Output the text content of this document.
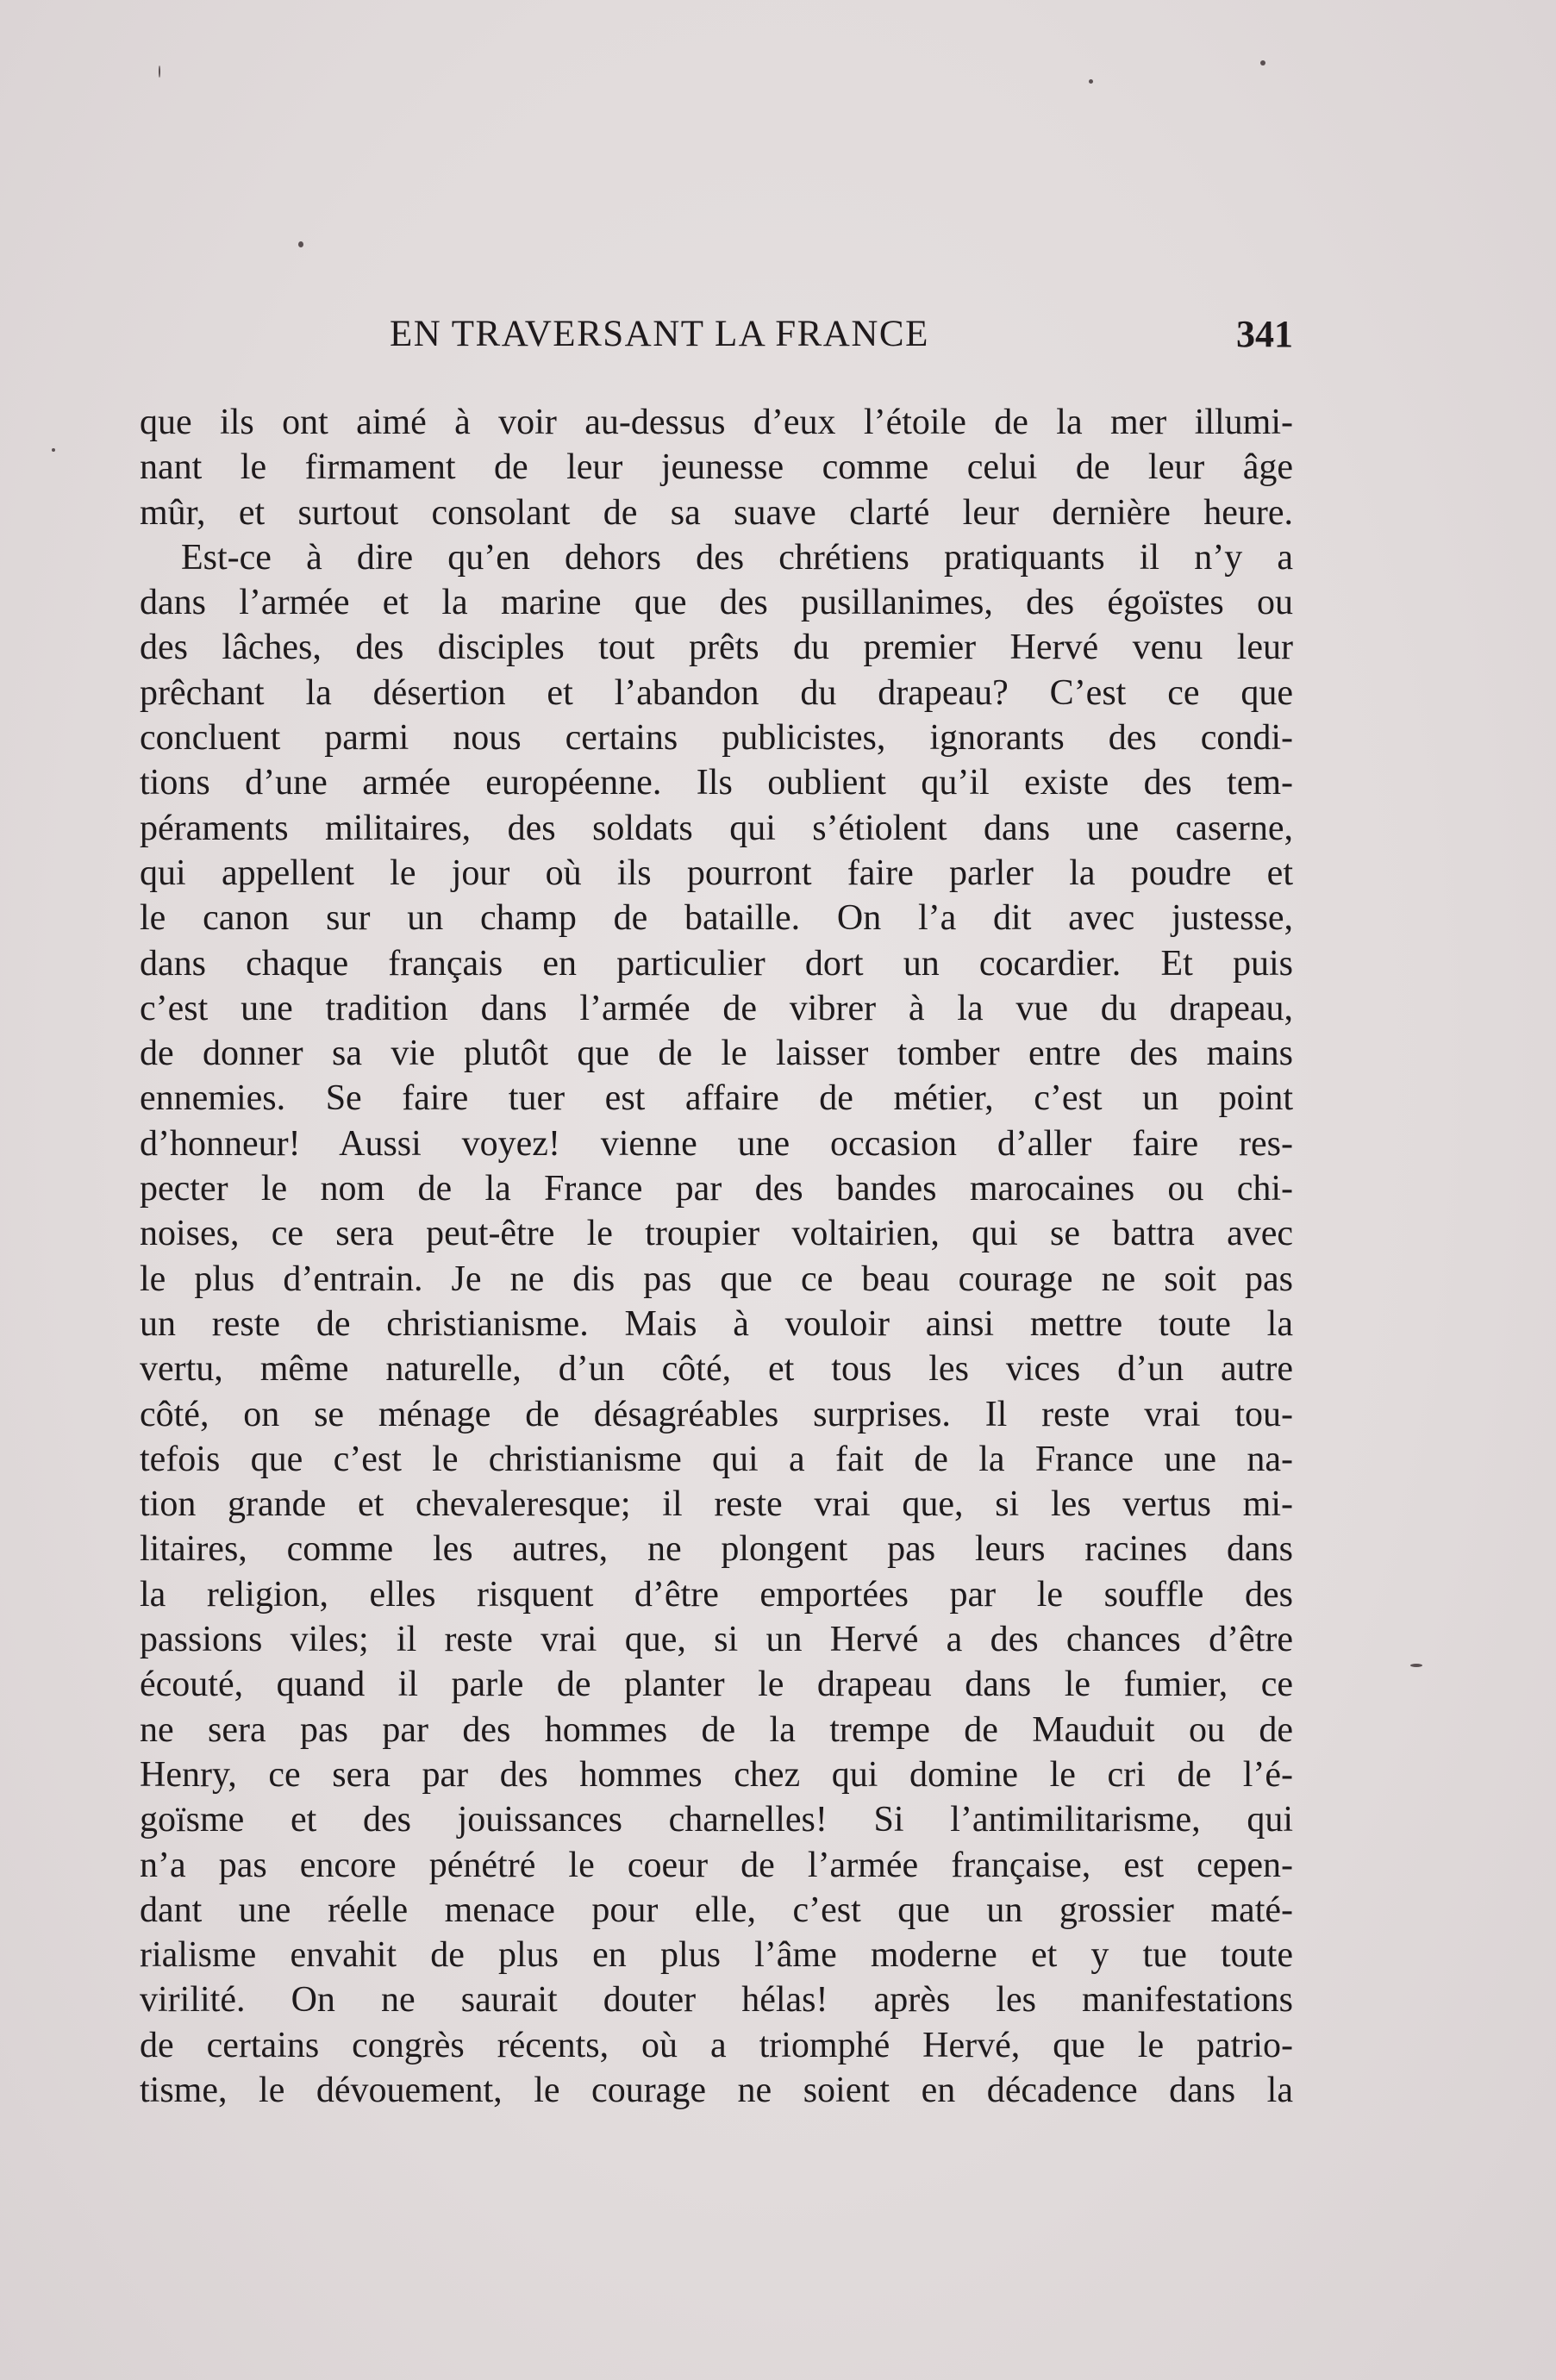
EN TRAVERSANT LA FRANCE	341
que ils ont aimé à voir au-dessus d’eux l’étoile de la mer illumi-
nant le firmament de leur jeunesse comme celui de leur âge
mûr, et surtout consolant de sa suave clarté leur dernière heure.
Est-ce à dire qu’en dehors des chrétiens pratiquants il n’y a
dans l’armée et la marine que des pusillanimes, des égoïstes ou
des lâches, des disciples tout prêts du premier Hervé venu leur
prêchant la désertion et l’abandon du drapeau? C’est ce que
concluent parmi nous certains publicistes, ignorants des condi-
tions d’une armée européenne. Ils oublient qu’il existe des tem-
péraments militaires, des soldats qui s’étiolent dans une caserne,
qui appellent le jour où ils pourront faire parler la poudre et
le canon sur un champ de bataille. On l’a dit avec justesse,
dans chaque français en particulier dort un cocardier. Et puis
c’est une tradition dans l’armée de vibrer à la vue du drapeau,
de donner sa vie plutôt que de le laisser tomber entre des mains
ennemies. Se faire tuer est affaire de métier, c’est un point
d’honneur! Aussi voyez! vienne une occasion d’aller faire res-
pecter le nom de la France par des bandes marocaines ou chi-
noises, ce sera peut-être le troupier voltairien, qui se battra avec
le plus d’entrain. Je ne dis pas que ce beau courage ne soit pas
un reste de christianisme. Mais à vouloir ainsi mettre toute la
vertu, même naturelle, d’un côté, et tous les vices d’un autre
côté, on se ménage de désagréables surprises. Il reste vrai tou-
tefois que c’est le christianisme qui a fait de la France une na-
tion grande et chevaleresque; il reste vrai que, si les vertus mi-
litaires, comme les autres, ne plongent pas leurs racines dans
la religion, elles risquent d’être emportées par le souffle des
passions viles; il reste vrai que, si un Hervé a des chances d’être
écouté, quand il parle de planter le drapeau dans le fumier, ce
ne sera pas par des hommes de la trempe de Mauduit ou de
Henry, ce sera par des hommes chez qui domine le cri de l’é-
goïsme et des jouissances charnelles! Si l’antimilitarisme, qui
n’a pas encore pénétré le coeur de l’armée française, est cepen-
dant une réelle menace pour elle, c’est que un grossier maté-
rialisme envahit de plus en plus l’âme moderne et y tue toute
virilité. On ne saurait douter hélas! après les manifestations
de certains congrès récents, où a triomphé Hervé, que le patrio-
tisme, le dévouement, le courage ne soient en décadence dans la
